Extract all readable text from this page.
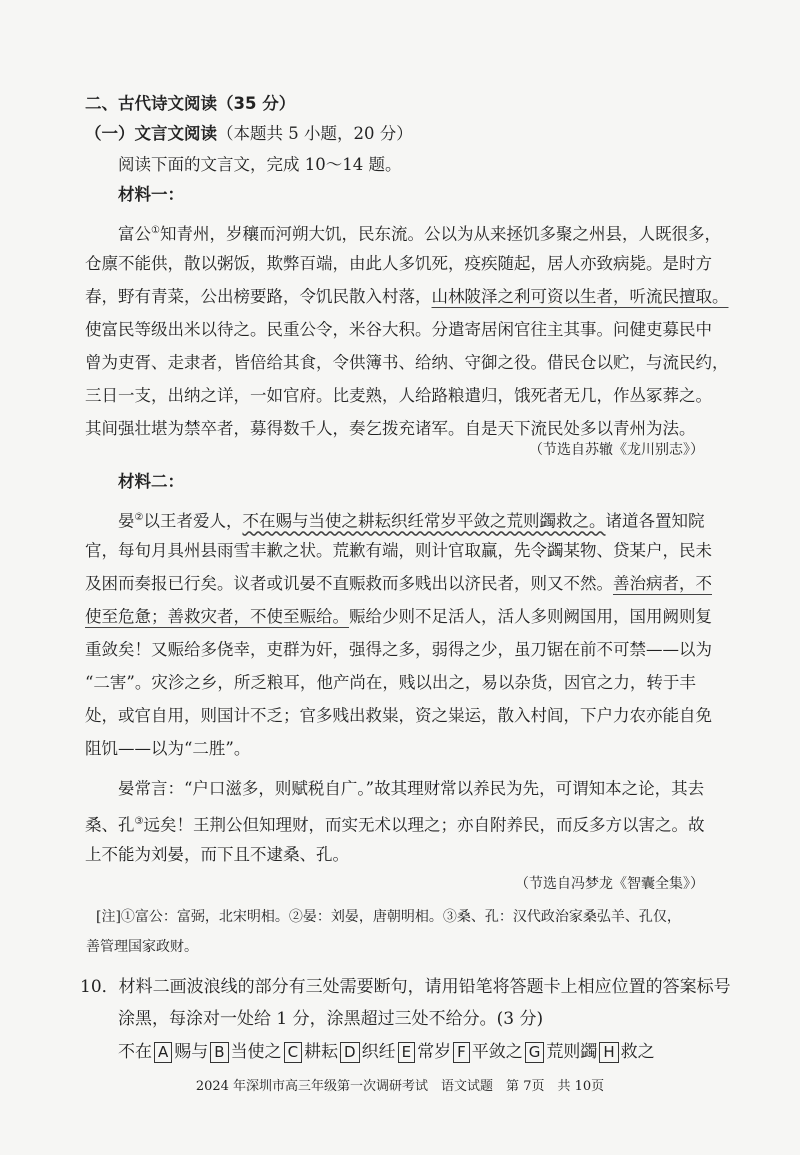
二、古代诗文阅读（35 分）
（一）文言文阅读（本题共 5 小题，20 分）
阅读下面的文言文，完成 10～14 题。
材料一：
富公①知青州，岁穰而河朔大饥，民东流。公以为从来拯饥多聚之州县，人既很多，
仓廪不能供，散以粥饭，欺弊百端，由此人多饥死，疫疾随起，居人亦致病毙。是时方
春，野有青菜，公出榜要路，令饥民散入村落，山林陂泽之利可资以生者，听流民擅取。
使富民等级出米以待之。民重公令，米谷大积。分遣寄居闲官往主其事。问健吏募民中
曾为吏胥、走隶者，皆倍给其食，令供簿书、给纳、守御之役。借民仓以贮，与流民约，
三日一支，出纳之详，一如官府。比麦熟，人给路粮遣归，饿死者无几，作丛冢葬之。
其间强壮堪为禁卒者，募得数千人，奏乞拨充诸军。自是天下流民处多以青州为法。
（节选自苏辙《龙川别志》）
材料二：
晏②以王者爱人，不在赐与当使之耕耘织纴常岁平敛之荒则蠲救之。诸道各置知院
官，每旬月具州县雨雪丰歉之状。荒歉有端，则计官取赢，先令蠲某物、贷某户，民未
及困而奏报已行矣。议者或讥晏不直赈救而多贱出以济民者，则又不然。善治病者，不
使至危惫；善救灾者，不使至赈给。赈给少则不足活人，活人多则阙国用，国用阙则复
重敛矣！又赈给多侥幸，吏群为奸，强得之多，弱得之少，虽刀锯在前不可禁——以为
“二害”。灾沴之乡，所乏粮耳，他产尚在，贱以出之，易以杂货，因官之力，转于丰
处，或官自用，则国计不乏；官多贱出救粜，资之粜运，散入村闾，下户力农亦能自免
阻饥——以为“二胜”。
晏常言：“户口滋多，则赋税自广。”故其理财常以养民为先，可谓知本之论，其去
桑、孔③远矣！王荆公但知理财，而实无术以理之；亦自附养民，而反多方以害之。故
上不能为刘晏，而下且不逮桑、孔。
（节选自冯梦龙《智囊全集》）
[注]①富公：富弼，北宋明相。②晏：刘晏，唐朝明相。③桑、孔：汉代政治家桑弘羊、孔仅，
善管理国家政财。
10．材料二画波浪线的部分有三处需要断句，请用铅笔将答题卡上相应位置的答案标号
涂黑，每涂对一处给 1 分，涂黑超过三处不给分。(3 分)
不在 A 赐与 B 当使之 C 耕耘 D 织纴 E 常岁 F 平敛之 G 荒则蠲 H 救之
2024 年深圳市高三年级第一次调研考试　语文试题　第 7页　共 10页
